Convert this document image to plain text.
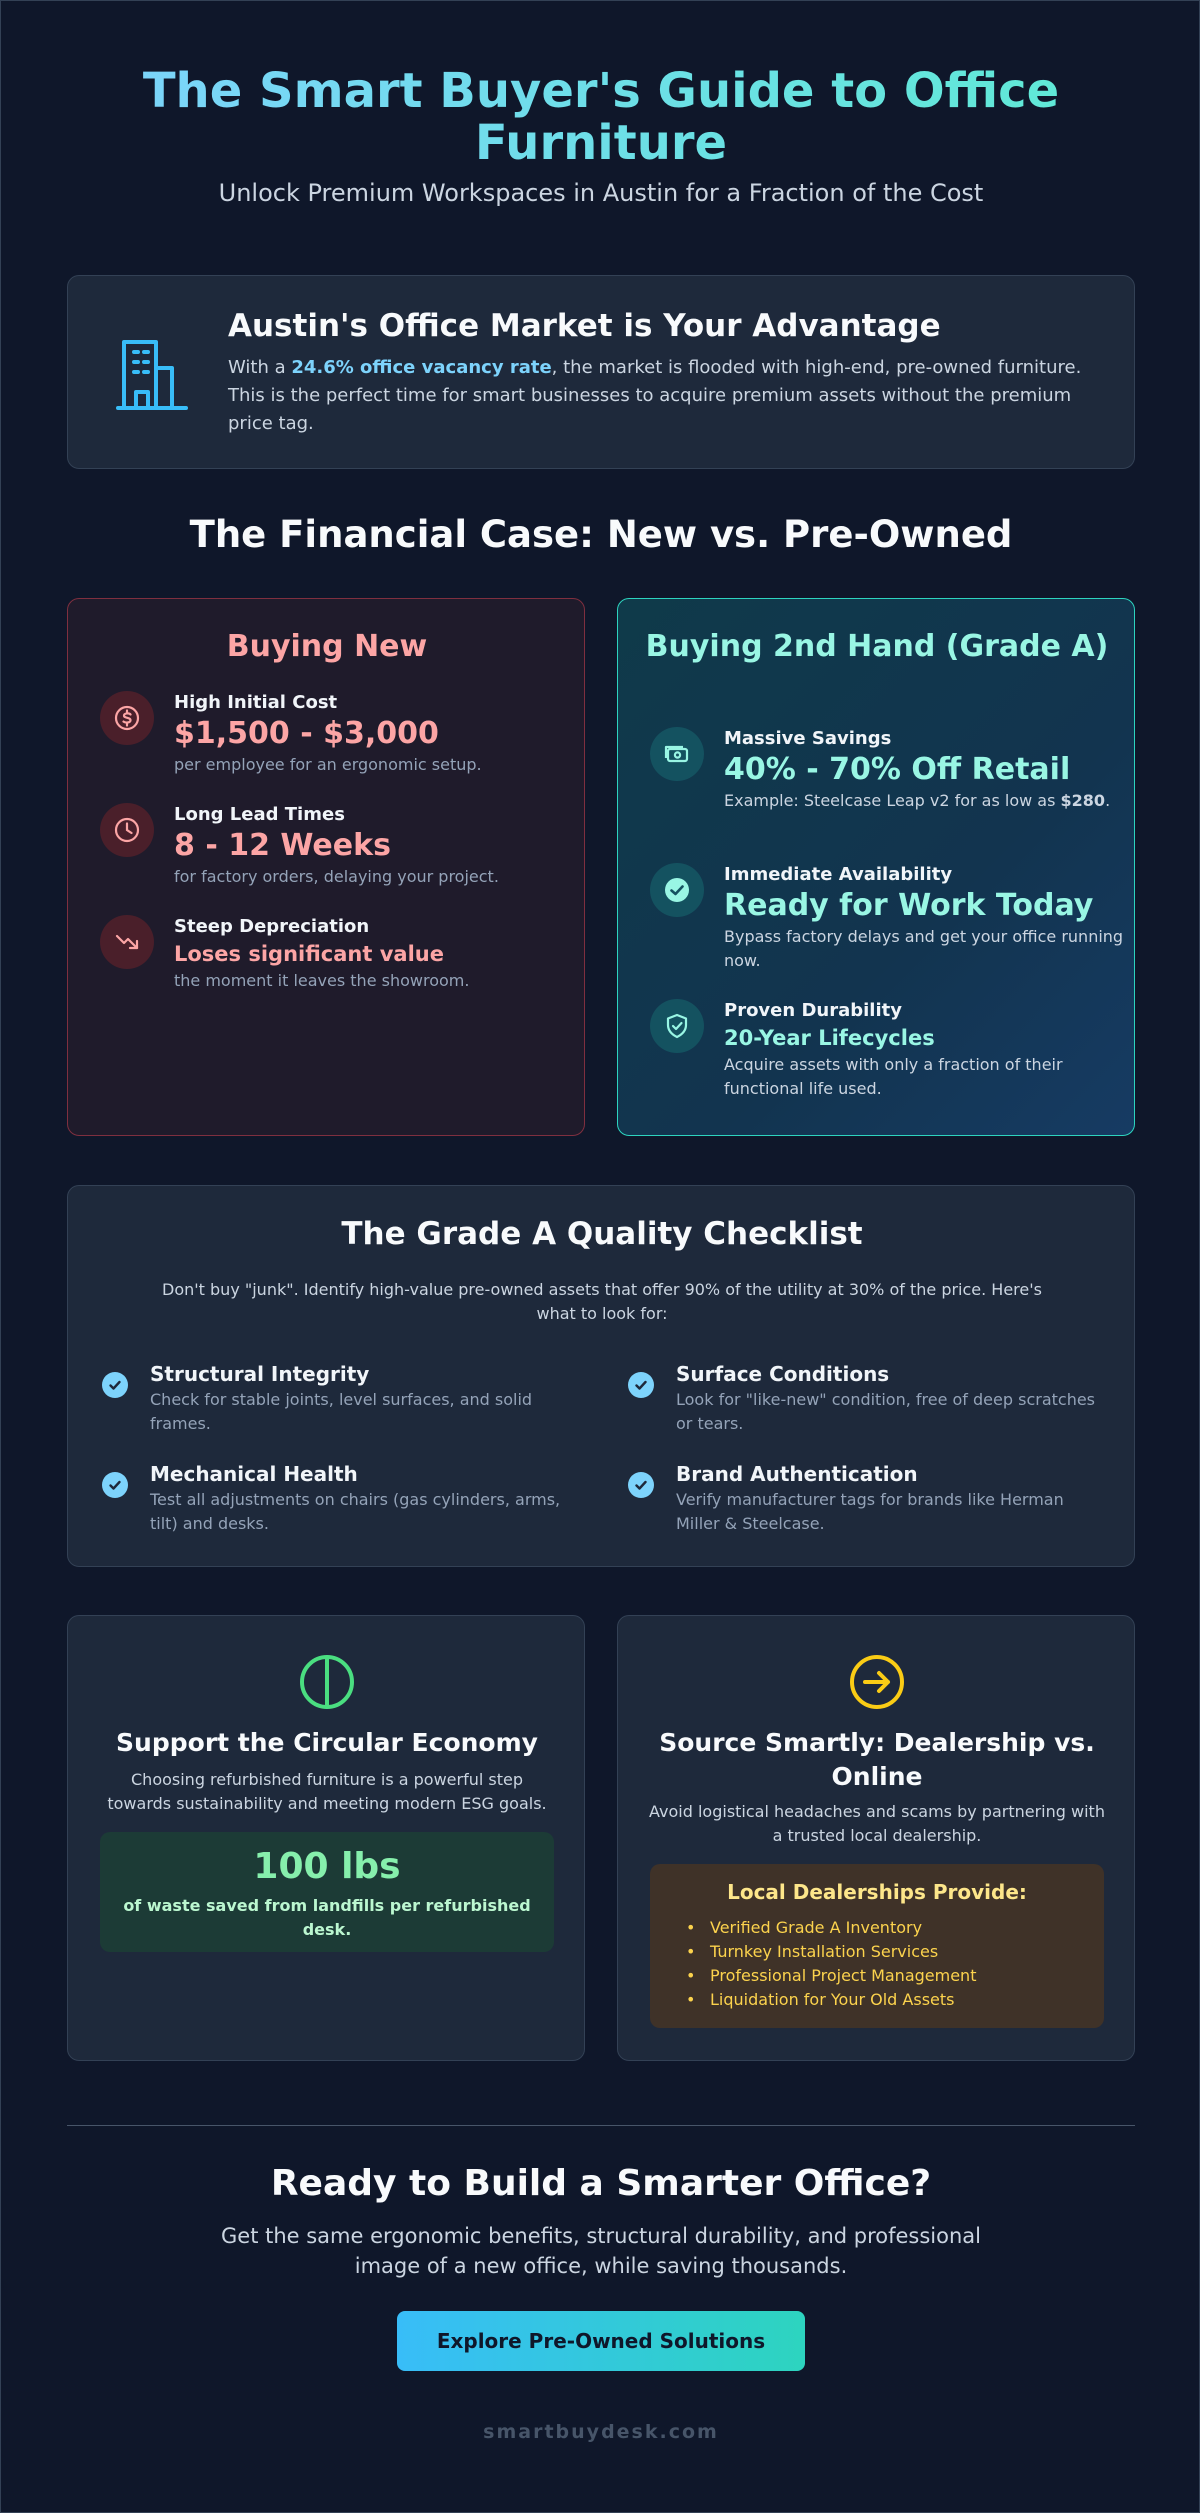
The Smart Buyer's Guide to Office Furniture
Unlock Premium Workspaces in Austin for a Fraction of the Cost
Austin's Office Market is Your Advantage

With a 24.6% office vacancy rate, the market is flooded with high-end, pre-owned furniture. This is the perfect time for smart businesses to acquire premium assets without the premium price tag.

The Financial Case: New vs. Pre-Owned
Buying New
High Initial Cost
$1,500 - $3,000
per employee for an ergonomic setup.
Long Lead Times
8 - 12 Weeks
for factory orders, delaying your project.
Steep Depreciation
Loses significant value
the moment it leaves the showroom.
Buying 2nd Hand (Grade A)
Massive Savings
40% - 70% Off Retail
Example: Steelcase Leap v2 for as low as $280.
Immediate Availability
Ready for Work Today
Bypass factory delays and get your office running now.
Proven Durability
20-Year Lifecycles
Acquire assets with only a fraction of their functional life used.
The Grade A Quality Checklist

Don't buy "junk". Identify high-value pre-owned assets that offer 90% of the utility at 30% of the price. Here's what to look for:

Structural Integrity
Check for stable joints, level surfaces, and solid frames.
Surface Conditions
Look for "like-new" condition, free of deep scratches or tears.
Mechanical Health
Test all adjustments on chairs (gas cylinders, arms, tilt) and desks.
Brand Authentication
Verify manufacturer tags for brands like Herman Miller & Steelcase.
Support the Circular Economy

Choosing refurbished furniture is a powerful step towards sustainability and meeting modern ESG goals.

100 lbs
of waste saved from landfills per refurbished desk.
Source Smartly: Dealership vs. Online

Avoid logistical headaches and scams by partnering with a trusted local dealership.

Local Dealerships Provide:
• Verified Grade A Inventory
• Turnkey Installation Services
• Professional Project Management
• Liquidation for Your Old Assets
Ready to Build a Smarter Office?

Get the same ergonomic benefits, structural durability, and professional image of a new office, while saving thousands.

Explore Pre-Owned Solutions
smartbuydesk.com
